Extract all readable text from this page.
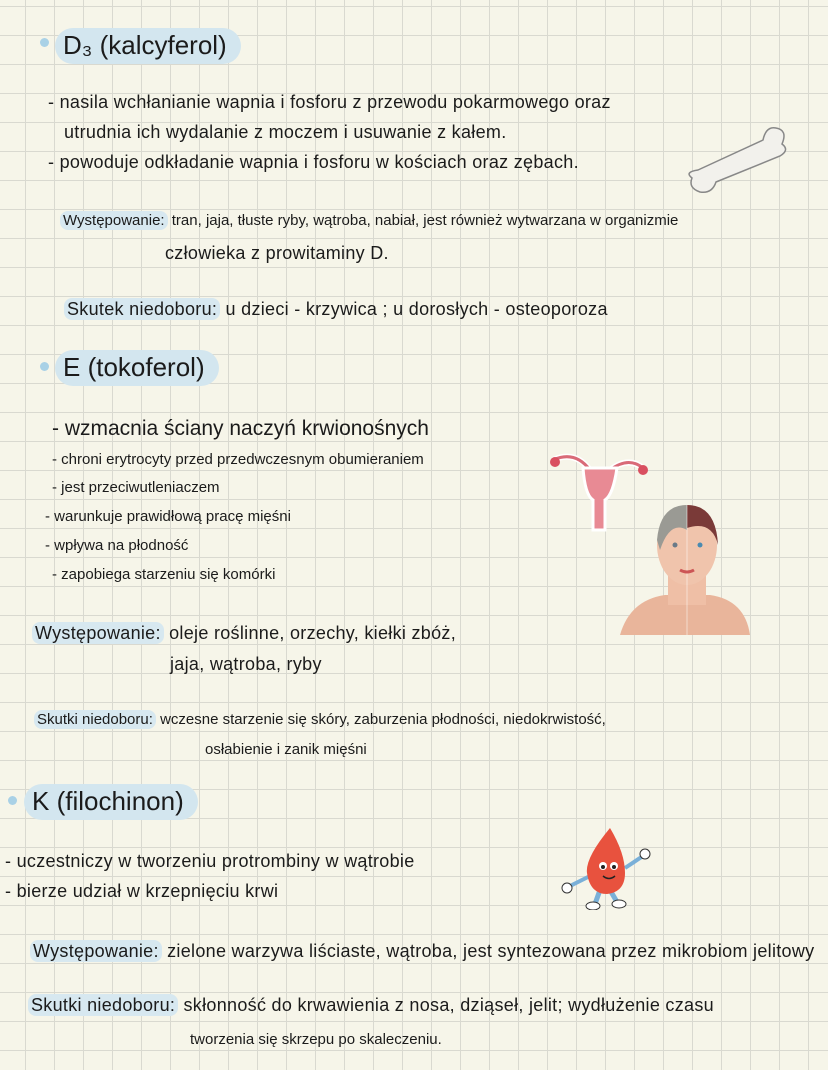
D₃ (kalcyferol)
- nasila wchłanianie wapnia i fosforu z przewodu pokarmowego oraz
utrudnia ich wydalanie z moczem i usuwanie z kałem.
- powoduje odkładanie wapnia i fosforu w kościach oraz zębach.
Występowanie: tran, jaja, tłuste ryby, wątroba, nabiał, jest również wytwarzana w organizmie
człowieka z prowitaminy D.
Skutek niedoboru: u dzieci - krzywica ; u dorosłych - osteoporoza
E (tokoferol)
- wzmacnia ściany naczyń krwionośnych
- chroni erytrocyty przed przedwczesnym obumieraniem
- jest przeciwutleniaczem
- warunkuje prawidłową pracę mięśni
- wpływa na płodność
- zapobiega starzeniu się komórki
Występowanie: oleje roślinne, orzechy, kiełki zbóż,
jaja, wątroba, ryby
Skutki niedoboru: wczesne starzenie się skóry, zaburzenia płodności, niedokrwistość,
osłabienie i zanik mięśni
K (filochinon)
- uczestniczy w tworzeniu protrombiny w wątrobie
- bierze udział w krzepnięciu krwi
Występowanie: zielone warzywa liściaste, wątroba, jest syntezowana przez mikrobiom jelitowy
Skutki niedoboru: skłonność do krwawienia z nosa, dziąseł, jelit; wydłużenie czasu
tworzenia się skrzepu po skaleczeniu.
